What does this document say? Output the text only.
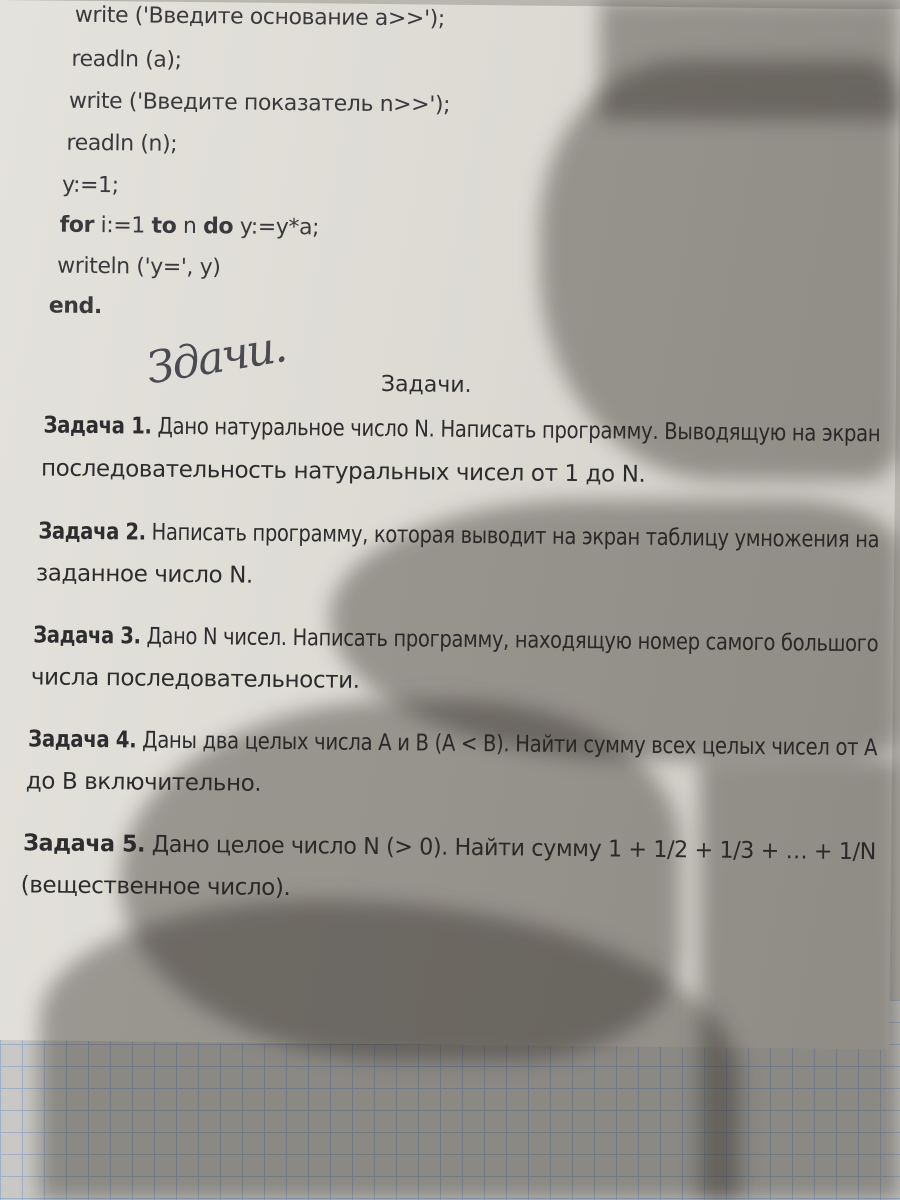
write ('Введите основание a>>');
readln (a);
write ('Введите показатель n>>');
readln (n);
y:=1;
for i:=1 to n do y:=y*a;
writeln ('y=', y)
end.
Здачи.	Задачи.
Задача 1. Дано натуральное число N. Написать программу. Выводящую на экран
последовательность натуральных чисел от 1 до N.
Задача 2. Написать программу, которая выводит на экран таблицу умножения на
заданное число N.
Задача 3. Дано N чисел. Написать программу, находящую номер самого большого
числа последовательности.
Задача 4. Даны два целых числа A и B (A < B). Найти сумму всех целых чисел от A
до B включительно.
Задача 5. Дано целое число N (> 0). Найти сумму 1 + 1/2 + 1/3 + … + 1/N
(вещественное число).
